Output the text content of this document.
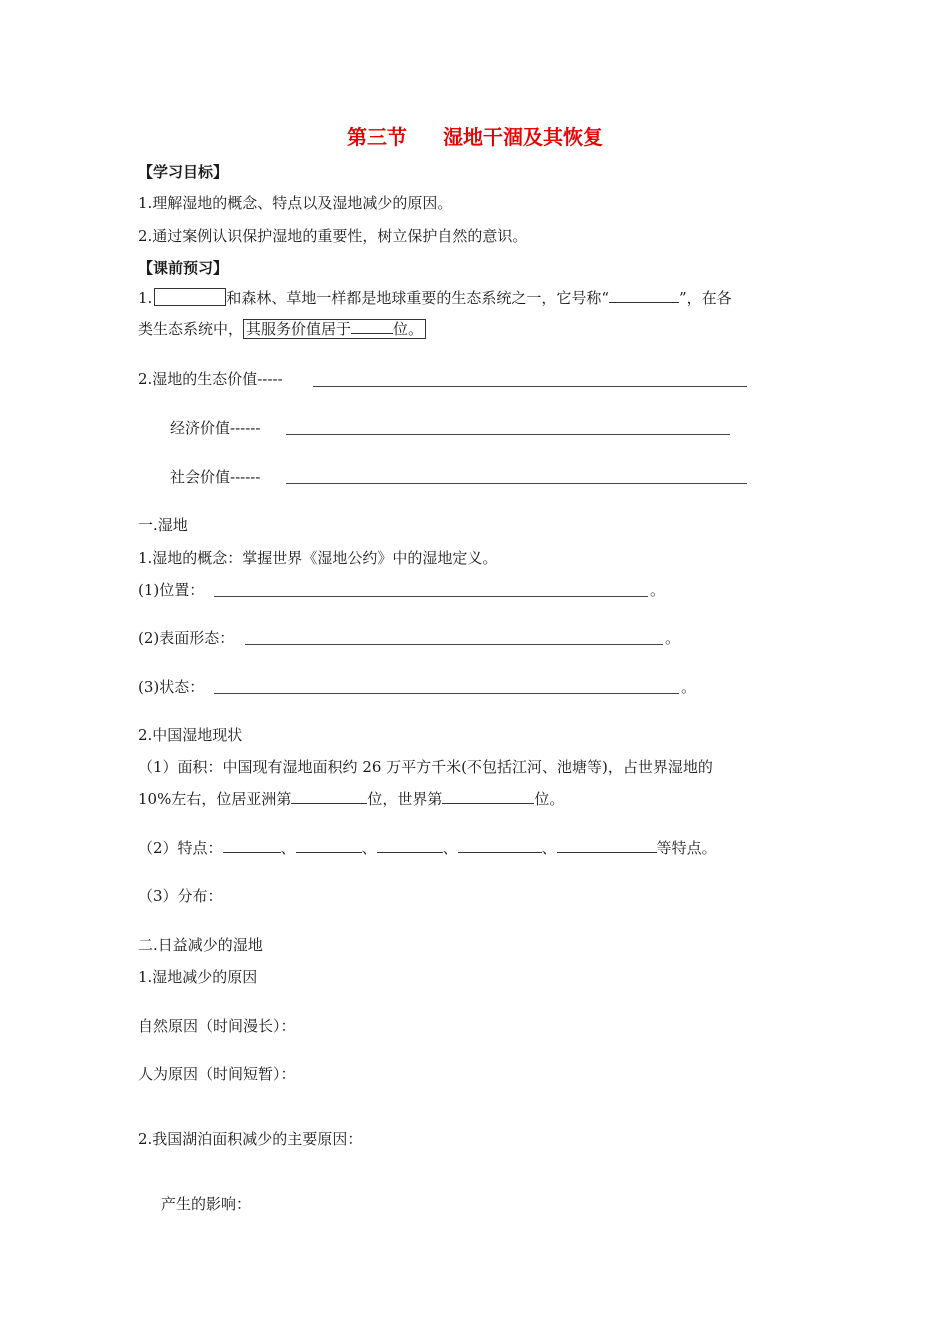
第三节 湿地干涸及其恢复
【学习目标】
1.理解湿地的概念、特点以及湿地减少的原因。
2.通过案例认识保护湿地的重要性，树立保护自然的意识。
【课前预习】
1.	和森林、草地一样都是地球重要的生态系统之一，它号称“	”，在各
类生态系统中， 其服务价值居于	位。
2.湿地的生态价值-----
经济价值------
社会价值------
一.湿地
1.湿地的概念：掌握世界《湿地公约》中的湿地定义。
(1)位置：	。
(2)表面形态：	。
(3)状态：	。
2.中国湿地现状
（1）面积：中国现有湿地面积约 26 万平方千米(不包括江河、池塘等)，占世界湿地的
10%左右，位居亚洲第	位，世界第	位。
（2）特点：	、	、	、	、	等特点。
（3）分布：
二.日益减少的湿地
1.湿地减少的原因
自然原因（时间漫长）：
人为原因（时间短暂）：
2.我国湖泊面积减少的主要原因：
产生的影响：
